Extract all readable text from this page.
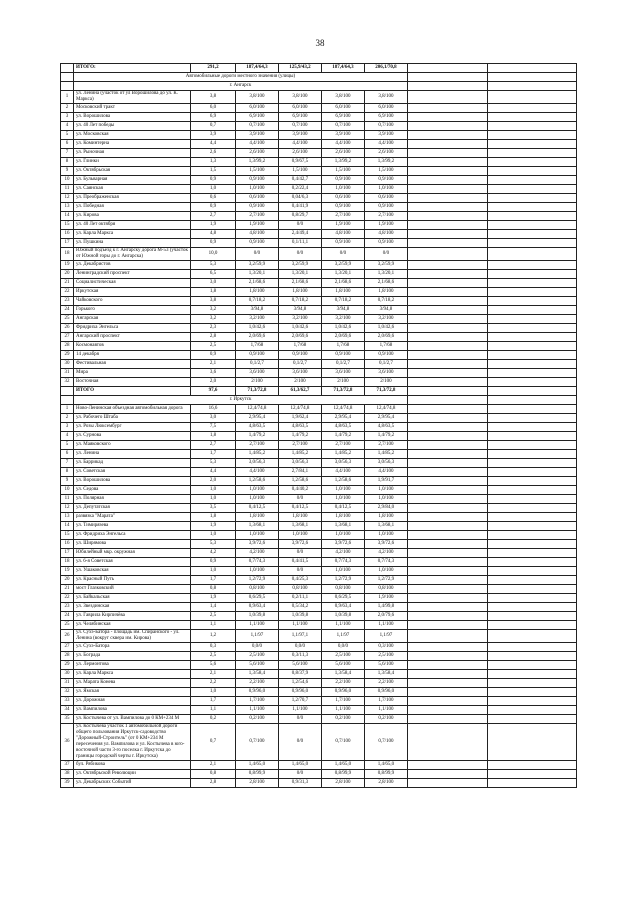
38
	ИТОГО:	291,2	187,4/64,3	125,9/43,2	187,4/64,3	206,1/70,8		
	Автомобильные дороги местного значения (улицы)							
	г. Ангарск							
1	ул. Ленина (участок от ул Ворошилова до ул. К. Маркса)	3,8	3,8/100	3,8/100	3,8/100	3,8/100		
2	Московский тракт	6,0	6,0/100	6,0/100	6,0/100	6,0/100		
3	ул. Ворошилова	6,9	6,9/100	6,9/100	6,9/100	6,9/100		
4	ул. 40 Лет победы	0,7	0,7/100	0,7/100	0,7/100	0,7/100		
5	ул. Московская	3,9	3,9/100	3,9/100	3,9/100	3,9/100		
6	ул. Коминтерна	4,4	4,4/100	4,4/100	4,4/100	4,4/100		
7	ул. Рыночная	2,6	2,6/100	2,6/100	2,6/100	2,6/100		
8	ул. Глинки	1,3	1,3/99,2	0,9/67,5	1,3/99,2	1,3/99,2		
9	ул. Октябрьская	1,5	1,5/100	1,5/100	1,5/100	1,5/100		
10	ул. Бульварная	0,9	0,9/100	0,4/42,7	0,9/100	0,9/100		
11	ул. Саянская	1,0	1,0/100	0,2/22,4	1,0/100	1,0/100		
12	ул. Преображенская	0,6	0,6/100	0,04/6,3	0,6/100	0,6/100		
13	ул. Победная	0,9	0,9/100	0,4/41,9	0,9/100	0,9/100		
14	ул. Кирова	2,7	2,7/100	0,8/29,7	2,7/100	2,7/100		
15	ул. 40 Лет октября	1,9	1,9/100	0/0	1,9/100	1,9/100		
16	ул. Карла Маркса	4,8	4,8/100	2,4/49,4	4,8/100	4,8/100		
17	ул. Пушкина	0,9	0,9/100	0,1/11,1	0,9/100	0,9/100		
18	Южный подъезд к г. Ангарску дорога М-53 (участок от Южной горы до г. Ангарска)	10,0	0/0	0/0	0/0	0/0		
19	ул. Декабристов	5,3	3,2/59,9	3,2/59,9	3,2/59,9	3,2/59,9		
20	Ленинградский проспект	6,5	1,3/20,1	1,3/20,1	1,3/20,1	1,3/20,1		
21	Социалистическая	3,0	2,1/68,6	2,1/68,6	2,1/68,6	2,1/68,6		
22	Иркутская	1,8	1,8/100	1,8/100	1,8/100	1,8/100		
23	Чайковского	3,8	0,7/18,2	0,7/18,2	0,7/18,2	0,7/18,2		
24	Горького	3,2	3/94,8	3/94,8	3/94,8	3/94,8		
25	Ангарская	3,2	3,2/100	3,2/100	3,2/100	3,2/100		
26	Фридриха Энгельса	2,3	1,0/42,6	1,0/42,6	1,0/42,6	1,0/42,6		
27	Ангарский проспект	2,8	2,0/69,6	2,0/69,6	2,0/69,6	2,0/69,6		
28	Космонавтов	2,5	1,7/68	1,7/68	1,7/68	1,7/68		
29	14 декабря	0,9	0,9/100	0,9/100	0,9/100	0,9/100		
30	Фестивальная	2,1	0,1/2,7	0,1/2,7	0,1/2,7	0,1/2,7		
31	Мира	3,6	3,6/100	3,6/100	3,6/100	3,6/100		
32	Восточная	2,0	2/100	2/100	2/100	2/100		
	ИТОГО	97,6	71,3/72,8	61,3/62,7	71,3/72,8	71,3/72,8		
	г. Иркутск							
1	Ново-Ленинская объездная автомобильная дорога	16,6	12,4/74,8	12,4/74,8	12,4/74,8	12,4/74,8		
2	ул. Рабочего Штаба	3,0	2,9/95,4	1,9/62,4	2,9/95,4	2,9/95,4		
3	ул. Розы Люксембург	7,5	4,8/63,5	4,8/63,5	4,8/63,5	4,8/63,5		
4	ул. Сурнова	1,8	1,4/79,2	1,4/79,2	1,4/79,2	1,4/79,2		
5	ул. Маяковского	2,7	2,7/100	2,7/100	2,7/100	2,7/100		
6	ул. Ленина	1,7	1,4/85,2	1,4/85,2	1,4/85,2	1,4/85,2		
7	ул. Баррикад	5,3	3,0/56,3	3,0/56,3	3,0/56,3	3,0/56,3		
8	ул. Советская	4,4	4,4/100	2,7/84,1	4,4/100	4,4/100		
9	ул. Ворошилова	2,0	1,2/58,6	1,2/58,6	1,2/58,6	1,9/91,7		
10	ул. Седова	1,0	1,0/100	0,4/40,2	1,0/100	1,0/100		
11	ул. Полярная	1,0	1,0/100	0/0	1,0/100	1,0/100		
12	ул. Депутатская	3,5	0,4/12,5	0,4/12,5	0,4/12,5	2,9/84,0		
13	развязка "Марата"	1,8	1,8/100	1,8/100	1,8/100	1,8/100		
14	ул. Тимирязева	1,9	1,3/68,1	1,3/68,1	1,3/68,1	1,3/68,1		
15	ул. Фридриха Энгельса	1,0	1,0/100	1,0/100	1,0/100	1,0/100		
16	ул. Ширямова	5,3	3,9/72,6	3,9/72,6	3,9/72,6	3,9/72,6		
17	Юбилейный мкр. окружная	4,2	4,2/100	0/0	4,2/100	4,2/100		
18	ул. 6-я Советская	0,9	0,7/74,3	0,4/41,5	0,7/74,3	0,7/74,3		
19	ул. Ушаковская	1,0	1,0/100	0/0	1,0/100	1,0/100		
20	ул. Красный Путь	1,7	1,2/72,9	0,4/25,3	1,2/72,9	1,2/72,9		
21	мост Глазковский	0,8	0,8/100	0,8/100	0,8/100	0,8/100		
22	ул. Байкальская	1,9	0,6/29,5	0,2/11,1	0,6/29,5	1,9/100		
23	ул. Звездинская	1,4	0,9/63,4	0,5/34,2	0,9/63,4	1,4/99,8		
24	ул. Гаврила Кирпичёва	2,5	1,0/39,8	1,0/39,8	1,0/39,8	2,0/79,6		
25	ул. Челябинская	1,1	1,1/100	1,1/100	1,1/100	1,1/100		
26	ул. Сухэ-Батора - площадь им. Спиранского - ул. Ленина (вокруг сквера им. Кирова)	1,2	1,1/97	1,1/97,1	1,1/97	1,1/97		
27	ул. Сухэ-Батора	0,3	0,0/0	0,0/0	0,0/0	0,3/100		
28	ул. Бограда	2,5	2,5/100	0,3/11,3	2,5/100	2,5/100		
29	ул. Лермонтова	5,6	5,6/100	5,6/100	5,6/100	5,6/100		
30	ул. Карла Маркса	2,1	1,3/58,4	0,8/37,9	1,3/58,4	1,3/58,4		
31	ул. Марата Конева	2,2	2,2/100	1,2/54,6	2,2/100	2,2/100		
32	ул. Ямская	1,0	0,9/96,0	0,9/96,0	0,9/96,0	0,9/96,0		
33	ул. Дорожная	1,7	1,7/100	1,2/70,7	1,7/100	1,7/100		
34	ул. Вампилова	1,1	1,1/100	1,1/100	1,1/100	1,1/100		
35	ул. Костычева от ул. Вампилова до 0 КМ+234 М	0,2	0,2/100	0/0	0,2/100	0,2/100		
36	ул. Костычева участок 1 автомобильной дороги общего пользования Иркутск-садоводство "Дорожный-Строитель" (от 0 КМ+234 М пересечения ул. Вампилова и ул. Костычева в юго-восточной части 3-го поселка г. Иркутска до границы городской черты г. Иркутска)	0,7	0,7/100	0/0	0,7/100	0,7/100		
37	бул. Рябикова	2,1	1,4/65,0	1,4/65,0	1,4/65,0	1,4/65,0		
38	ул. Октябрьской Революции	0,8	0,8/99,9	0/0	0,8/99,9	0,8/99,9		
39	ул. Декабрьских Событий	2,8	2,8/100	0,9/31,3	2,8/100	2,8/100		
